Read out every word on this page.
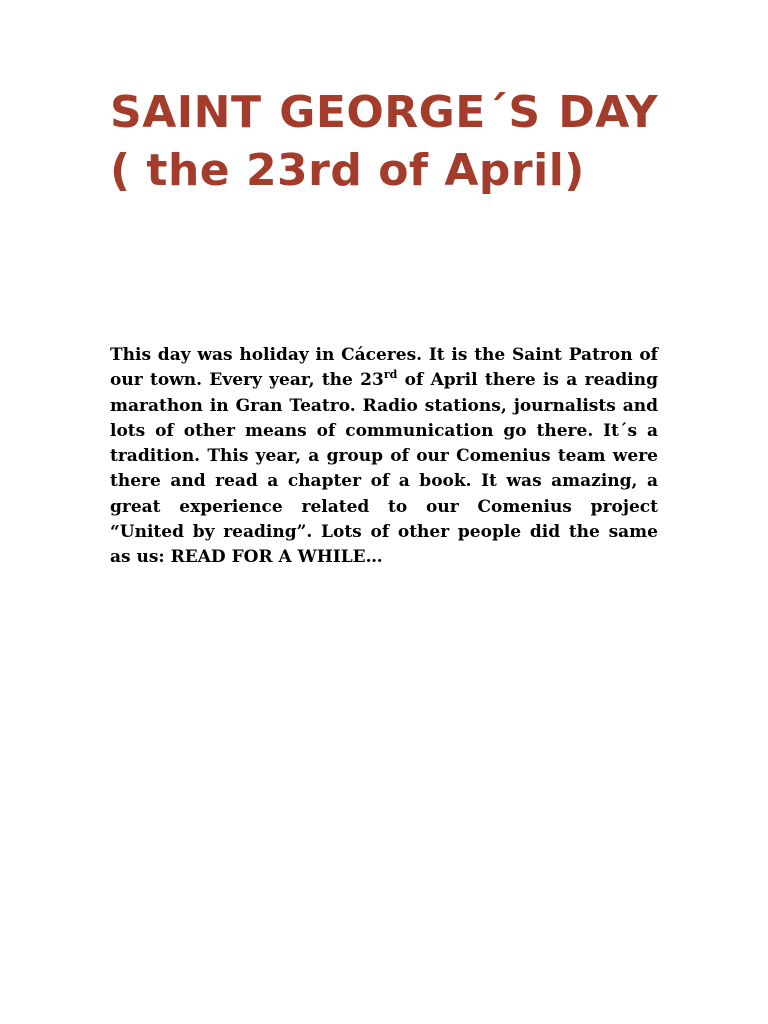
SAINT GEORGE´S DAY ( the 23rd of April)

This day was holiday in Cáceres. It is the Saint Patron of our town. Every year, the 23rd of April there is a reading marathon in Gran Teatro. Radio stations, journalists and lots of other means of communication go there. It´s a tradition. This year, a group of our Comenius team were there and read a chapter of a book. It was amazing, a great experience related to our Comenius project “United by reading”. Lots of other people did the same as us: READ FOR A WHILE…
